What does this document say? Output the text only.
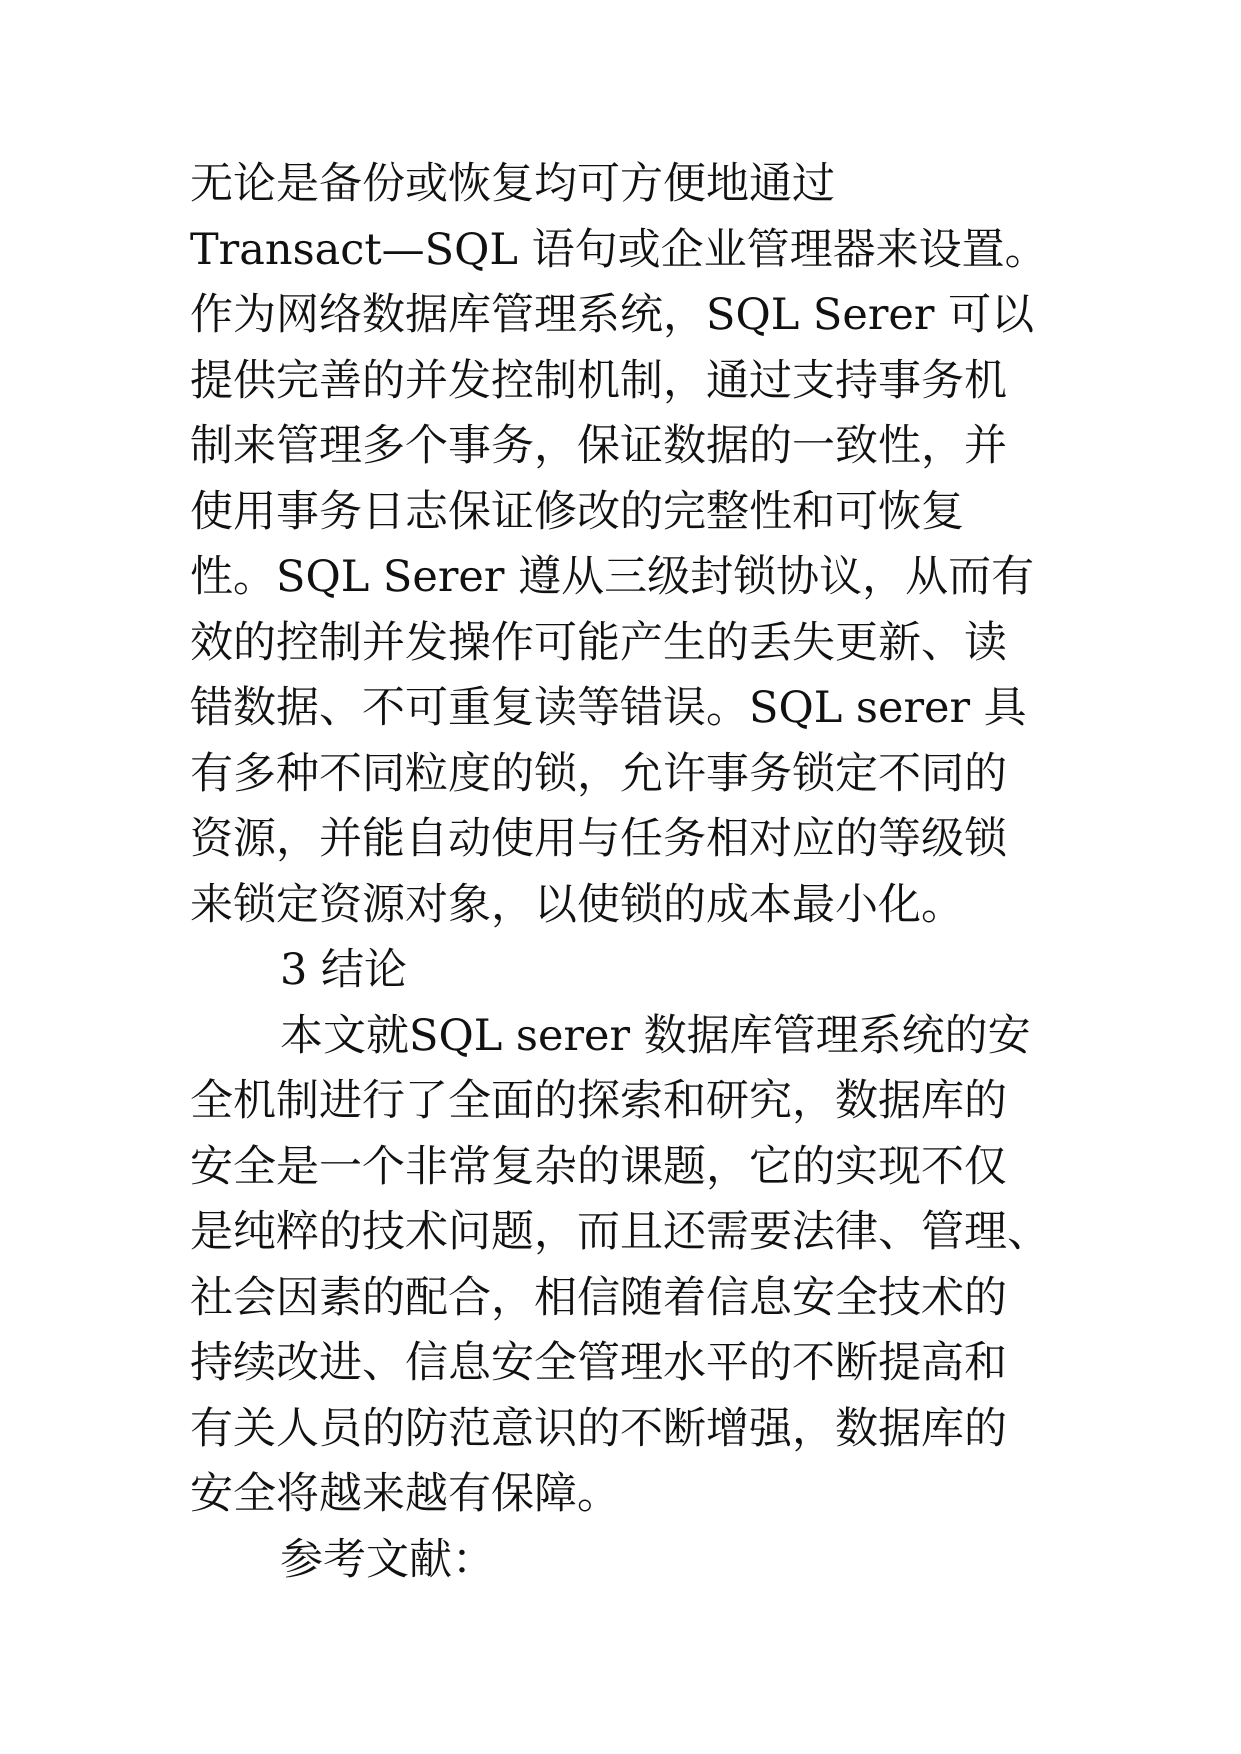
无论是备份或恢复均可方便地通过
Transact—SQL 语句或企业管理器来设置。
作为网络数据库管理系统，SQL Serer 可以
提供完善的并发控制机制，通过支持事务机
制来管理多个事务，保证数据的一致性，并
使用事务日志保证修改的完整性和可恢复
性。SQL Serer 遵从三级封锁协议，从而有
效的控制并发操作可能产生的丢失更新、读
错数据、不可重复读等错误。SQL serer 具
有多种不同粒度的锁，允许事务锁定不同的
资源，并能自动使用与任务相对应的等级锁
来锁定资源对象，以使锁的成本最小化。
3 结论
本文就SQL serer 数据库管理系统的安
全机制进行了全面的探索和研究，数据库的
安全是一个非常复杂的课题，它的实现不仅
是纯粹的技术问题，而且还需要法律、管理、
社会因素的配合，相信随着信息安全技术的
持续改进、信息安全管理水平的不断提高和
有关人员的防范意识的不断增强，数据库的
安全将越来越有保障。
参考文献：
